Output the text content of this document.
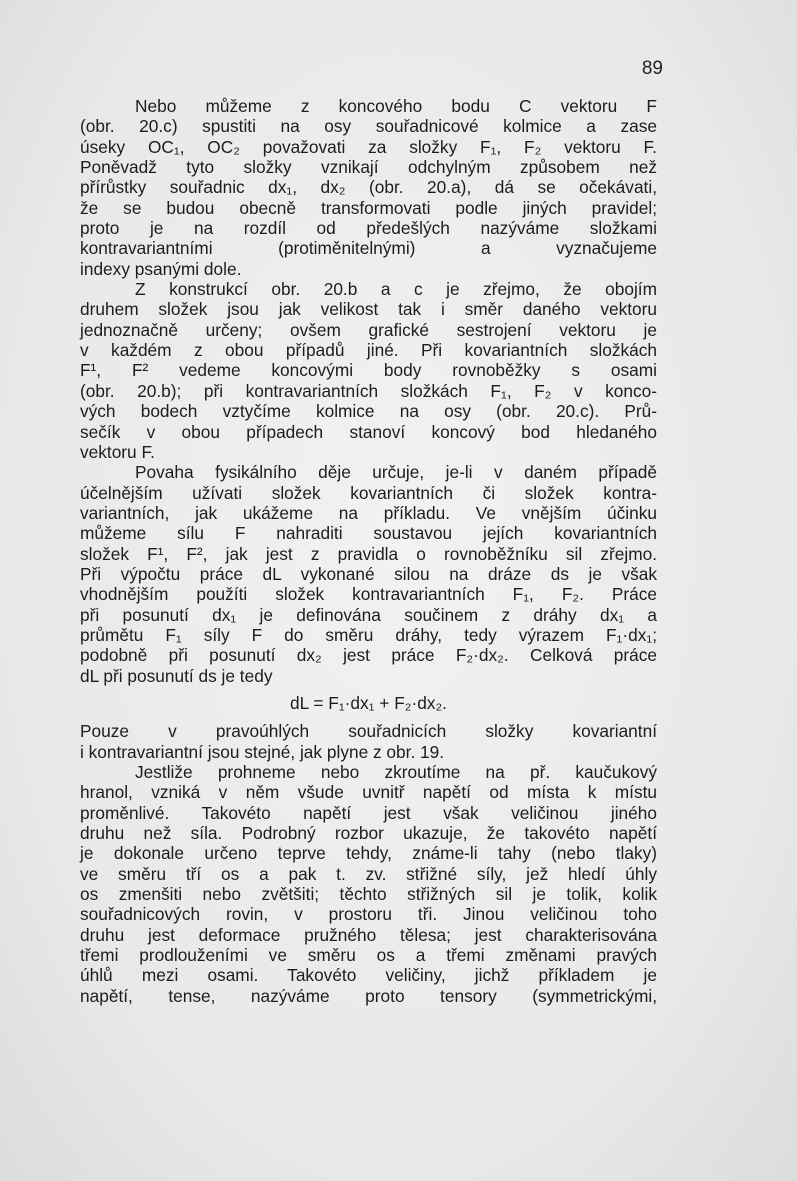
89
Nebo můžeme z koncového bodu C vektoru F
(obr. 20.c) spustiti na osy souřadnicové kolmice a zase
úseky OC₁, OC₂ považovati za složky F₁, F₂ vektoru F.
Poněvadž tyto složky vznikají odchylným způsobem než
přírůstky souřadnic dx₁, dx₂ (obr. 20.a), dá se očekávati,
že se budou obecně transformovati podle jiných pravidel;
proto je na rozdíl od předešlých nazýváme složkami
kontravariantními (protiměnitelnými) a vyznačujeme
indexy psanými dole.
Z konstrukcí obr. 20.b a c je zřejmo, že obojím
druhem složek jsou jak velikost tak i směr daného vektoru
jednoznačně určeny; ovšem grafické sestrojení vektoru je
v každém z obou případů jiné. Při kovariantních složkách
F¹, F² vedeme koncovými body rovnoběžky s osami
(obr. 20.b); při kontravariantních složkách F₁, F₂ v konco-
vých bodech vztyčíme kolmice na osy (obr. 20.c). Prů-
sečík v obou případech stanoví koncový bod hledaného
vektoru F.
Povaha fysikálního děje určuje, je-li v daném případě
účelnějším užívati složek kovariantních či složek kontra-
variantních, jak ukážeme na příkladu. Ve vnějším účinku
můžeme sílu F nahraditi soustavou jejích kovariantních
složek F¹, F², jak jest z pravidla o rovnoběžníku sil zřejmo.
Při výpočtu práce dL vykonané silou na dráze ds je však
vhodnějším použíti složek kontravariantních F₁, F₂. Práce
při posunutí dx₁ je definována součinem z dráhy dx₁ a
průmětu F₁ síly F do směru dráhy, tedy výrazem F₁·dx₁;
podobně při posunutí dx₂ jest práce F₂·dx₂. Celková práce
dL při posunutí ds je tedy
dL = F₁·dx₁ + F₂·dx₂.
Pouze v pravoúhlých souřadnicích složky kovariantní
i kontravariantní jsou stejné, jak plyne z obr. 19.
Jestliže prohneme nebo zkroutíme na př. kaučukový
hranol, vzniká v něm všude uvnitř napětí od místa k místu
proměnlivé. Takovéto napětí jest však veličinou jiného
druhu než síla. Podrobný rozbor ukazuje, že takovéto napětí
je dokonale určeno teprve tehdy, známe-li tahy (nebo tlaky)
ve směru tří os a pak t. zv. střižné síly, jež hledí úhly
os zmenšiti nebo zvětšiti; těchto střižných sil je tolik, kolik
souřadnicových rovin, v prostoru tři. Jinou veličinou toho
druhu jest deformace pružného tělesa; jest charakterisována
třemi prodlouženími ve směru os a třemi změnami pravých
úhlů mezi osami. Takovéto veličiny, jichž příkladem je
napětí, tense, nazýváme proto tensory (symmetrickými,
